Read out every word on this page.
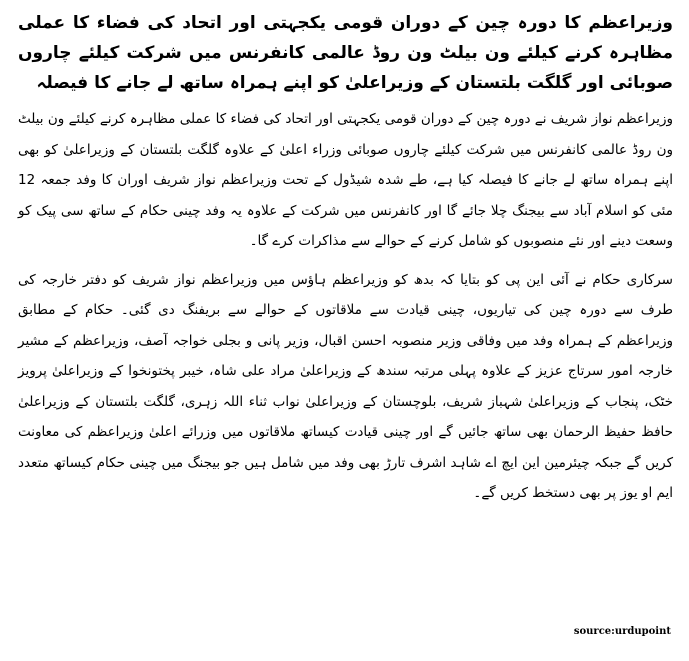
وزیراعظم کا دورہ چین کے دوران قومی یکجہتی اور اتحاد کی فضاء کا عملی مظاہرہ کرنے کیلئے ون بیلٹ ون روڈ عالمی کانفرنس میں شرکت کیلئے چاروں صوبائی اور گلگت بلتستان کے وزیراعلیٰ کو اپنے ہمراہ ساتھ لے جانے کا فیصلہ

وزیراعظم نواز شریف نے دورہ چین کے دوران قومی یکجہتی اور اتحاد کی فضاء کا عملی مظاہرہ کرنے کیلئے ون بیلٹ ون روڈ عالمی کانفرنس میں شرکت کیلئے چاروں صوبائی وزراء اعلیٰ کے علاوہ گلگت بلتستان کے وزیراعلیٰ کو بھی اپنے ہمراہ ساتھ لے جانے کا فیصلہ کیا ہے، طے شدہ شیڈول کے تحت وزیراعظم نواز شریف اوران کا وفد جمعہ 12 مئی کو اسلام آباد سے بیجنگ چلا جائے گا اور کانفرنس میں شرکت کے علاوہ یہ وفد چینی حکام کے ساتھ سی پیک کو وسعت دینے اور نئے منصوبوں کو شامل کرنے کے حوالے سے مذاکرات کرے گا۔

سرکاری حکام نے آئی این پی کو بتایا کہ بدھ کو وزیراعظم ہاؤس میں وزیراعظم نواز شریف کو دفتر خارجہ کی طرف سے دورہ چین کی تیاریوں، چینی قیادت سے ملاقاتوں کے حوالے سے بریفنگ دی گئی۔ حکام کے مطابق وزیراعظم کے ہمراہ وفد میں وفاقی وزیر منصوبہ احسن اقبال، وزیر پانی و بجلی خواجہ آصف، وزیراعظم کے مشیر خارجہ امور سرتاج عزیز کے علاوہ پہلی مرتبہ سندھ کے وزیراعلیٰ مراد علی شاہ، خیبر پختونخوا کے وزیراعلیٰ پرویز خٹک، پنجاب کے وزیراعلیٰ شہباز شریف، بلوچستان کے وزیراعلیٰ نواب ثناء اللہ زہری، گلگت بلتستان کے وزیراعلیٰ حافظ حفیظ الرحمان بھی ساتھ جائیں گے اور چینی قیادت کیساتھ ملاقاتوں میں وزرائے اعلیٰ وزیراعظم کی معاونت کریں گے جبکہ چیئرمین این ایچ اے شاہد اشرف تارڑ بھی وفد میں شامل ہیں جو بیجنگ میں چینی حکام کیساتھ متعدد ایم او یوز پر بھی دستخط کریں گے۔

source:urdupoint
